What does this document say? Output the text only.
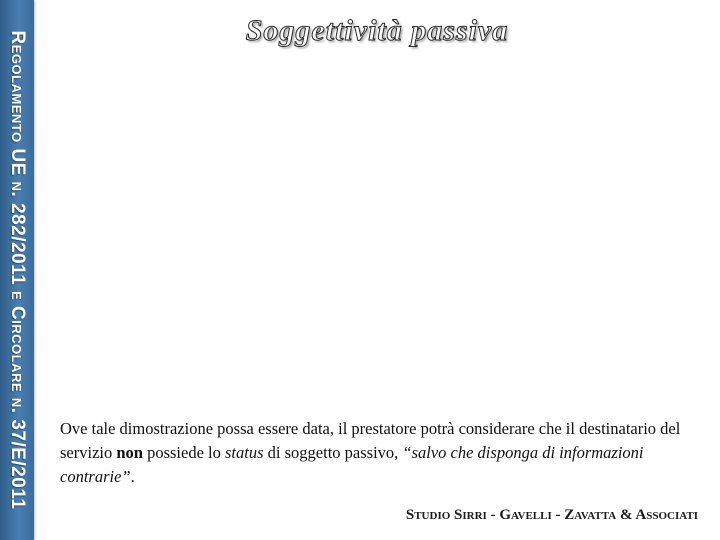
Regolamento UE n. 282/2011 e Circolare n. 37/E/2011
Soggettività passiva
Ove tale dimostrazione possa essere data, il prestatore potrà considerare che il destinatario del servizio non possiede lo status di soggetto passivo, “salvo che disponga di informazioni contrarie”.
Studio Sirri - Gavelli - Zavatta & Associati
